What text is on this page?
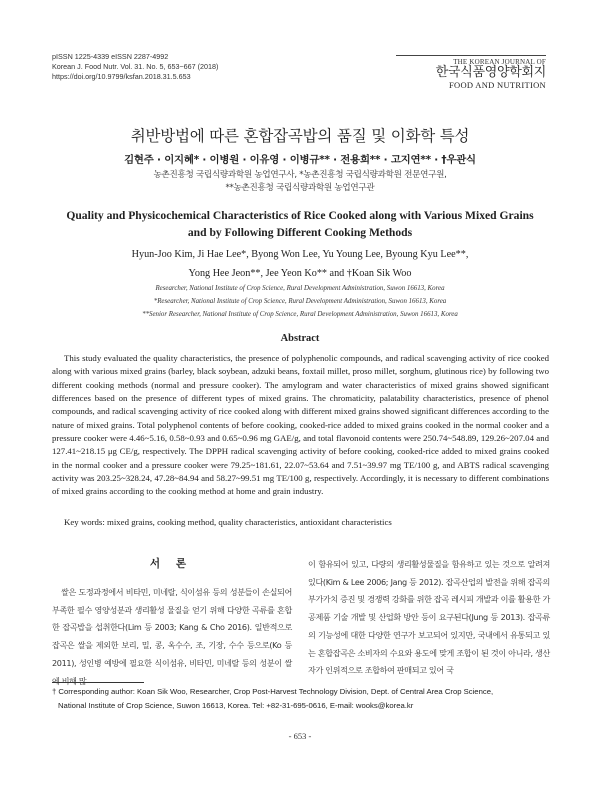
pISSN 1225-4339 eISSN 2287-4992
Korean J. Food Nutr. Vol. 31. No. 5, 653~667 (2018)
https://doi.org/10.9799/ksfan.2018.31.5.653
THE KOREAN JOURNAL OF
한국식품영양학회지
FOOD AND NUTRITION
취반방법에 따른 혼합잡곡밥의 품질 및 이화학 특성
김현주 · 이지혜* · 이병원 · 이유영 · 이병규** · 전용희** · 고지연** · †우관식
농촌진흥청 국립식량과학원 농업연구사, *농촌진흥청 국립식량과학원 전문연구원,
**농촌진흥청 국립식량과학원 농업연구관
Quality and Physicochemical Characteristics of Rice Cooked along with Various Mixed Grains
and by Following Different Cooking Methods
Hyun-Joo Kim, Ji Hae Lee*, Byong Won Lee, Yu Young Lee, Byoung Kyu Lee**,
Yong Hee Jeon**, Jee Yeon Ko** and †Koan Sik Woo
Researcher, National Institute of Crop Science, Rural Development Administration, Suwon 16613, Korea
*Researcher, National Institute of Crop Science, Rural Development Administration, Suwon 16613, Korea
**Senior Researcher, National Institute of Crop Science, Rural Development Administration, Suwon 16613, Korea
Abstract

This study evaluated the quality characteristics, the presence of polyphenolic compounds, and radical scavenging activity of rice cooked along with various mixed grains (barley, black soybean, adzuki beans, foxtail millet, proso millet, sorghum, glutinous rice) by following two different cooking methods (normal and pressure cooker). The amylogram and water characteristics of mixed grains showed significant differences based on the presence of different types of mixed grains. The chromaticity, palatability characteristics, presence of phenol compounds, and radical scavenging activity of rice cooked along with different mixed grains showed significant differences according to the nature of mixed grains. Total polyphenol contents of before cooking, cooked-rice added to mixed grains cooked in the normal cooker and a pressure cooker were 4.46~5.16, 0.58~0.93 and 0.65~0.96 mg GAE/g, and total flavonoid contents were 250.74~548.89, 129.26~207.04 and 127.41~218.15 μg CE/g, respectively. The DPPH radical scavenging activity of before cooking, cooked-rice added to mixed grains cooked in the normal cooker and a pressure cooker were 79.25~181.61, 22.07~53.64 and 7.51~39.97 mg TE/100 g, and ABTS radical scavenging activity was 203.25~328.24, 47.28~84.94 and 58.27~99.51 mg TE/100 g, respectively. Accordingly, it is necessary to different combinations of mixed grains according to the cooking method at home and grain industry.

Key words: mixed grains, cooking method, quality characteristics, antioxidant characteristics
서 론

쌀은 도정과정에서 비타민, 미네랄, 식이섬유 등의 성분들이 손실되어 부족한 필수 영양성분과 생리활성 물질을 얻기 위해 다양한 곡류를 혼합한 잡곡밥을 섭취한다(Lim 등 2003; Kang & Cho 2016). 일반적으로 잡곡은 쌀을 제외한 보리, 밀, 콩, 옥수수, 조, 기장, 수수 등으로(Ko 등 2011), 성인병 예방에 필요한 식이섬유, 비타민, 미네랄 등의 성분이 쌀에 비해 많

이 함유되어 있고, 다량의 생리활성물질을 함유하고 있는 것으로 알려져 있다(Kim & Lee 2006; Jang 등 2012). 잡곡산업의 발전을 위해 잡곡의 부가가치 증진 및 경쟁력 강화를 위한 잡곡 레시피 개발과 이를 활용한 가공제품 기술 개발 및 산업화 방안 등이 요구된다(Jung 등 2013). 잡곡류의 기능성에 대한 다양한 연구가 보고되어 있지만, 국내에서 유통되고 있는 혼합잡곡은 소비자의 수요와 용도에 맞게 조합이 된 것이 아니라, 생산자가 인위적으로 조합하여 판매되고 있어 국

† Corresponding author: Koan Sik Woo, Researcher, Crop Post-Harvest Technology Division, Dept. of Central Area Crop Science,
National Institute of Crop Science, Suwon 16613, Korea. Tel: +82-31-695-0616, E-mail: wooks@korea.kr
- 653 -
